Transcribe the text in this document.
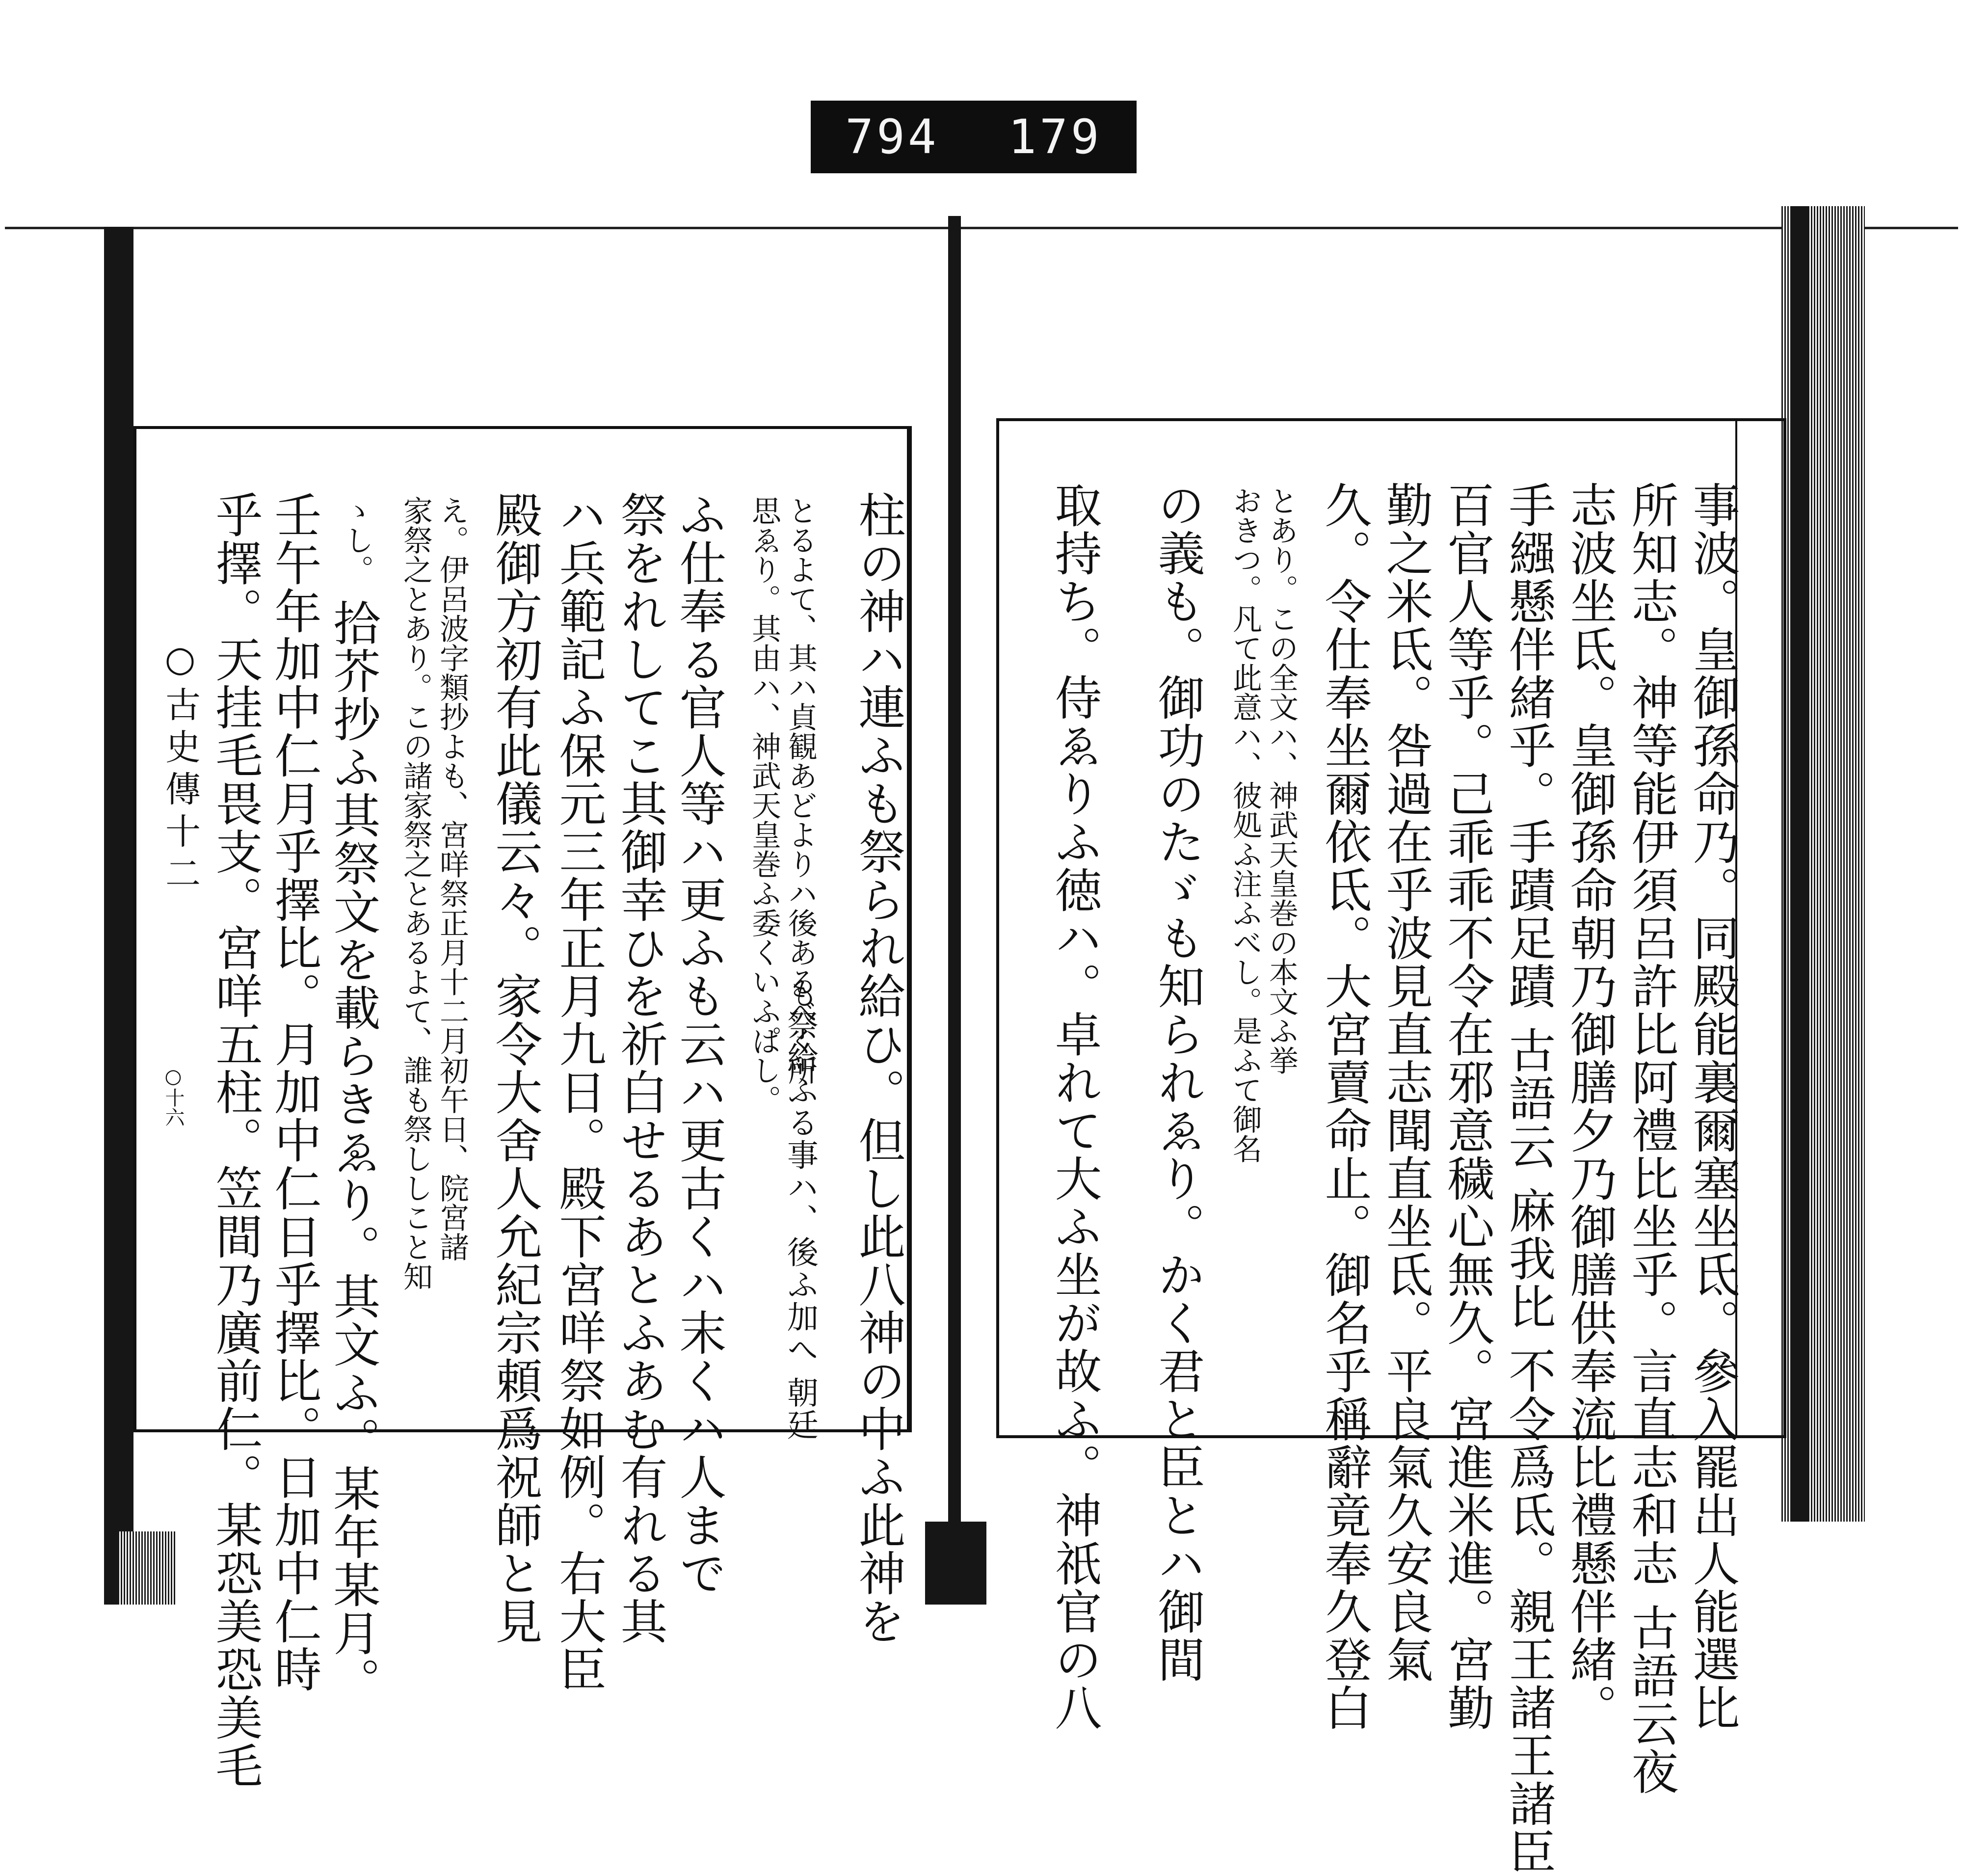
794 179
○古史傳十二
○十六	柱の神ハ連ふも祭られ給ひ。但し此八神の中ふ此神を
とるよて、其ハ貞観あどよりハ後あるべく所
思ゑり。其由ハ、神武天皇巻ふ委くいふぱし。
も祭給ふる事ハ、後ふ加へ 朝廷
ふ仕奉る官人等ハ更ふも云ハ更古くハ末くハ人まで
祭をれしてこ其御幸ひを祈白せるあとふあむ有れる其
ハ兵範記ふ保元三年正月九日。殿下宮咩祭如例。右大臣
殿御方初有此儀云々。家令大舍人允紀宗頼爲祝師と見
え。伊呂波字類抄よも、宮咩祭正月十二月初午日、院宮諸
家祭之とあり。この諸家祭之とあるよて、誰も祭ししこと知
ゝし。
拾芥抄ふ其祭文を載らきゑり。其文ふ。某年某月。
壬午年加中仁月乎擇比。月加中仁日乎擇比。日加中仁時
乎擇。天挂毛畏支。宮咩五柱。笠間乃廣前仁。某恐美恐美毛	事波。皇御孫命乃。同殿能裏爾塞坐氐。參入罷出人能選比
所知志。神等能伊須呂許比阿禮比坐乎。言直志和志 古語云夜
志波坐氐。皇御孫命朝乃御膳夕乃御膳供奉流比禮懸伴緒。
手繦懸伴緒乎。手蹟足蹟 古語云 麻我比 不令爲氐。親王諸王諸臣
百官人等乎。己乖乖不令在邪意穢心無久。宮進米進。宮勤
勤之米氐。咎過在乎波見直志聞直坐氐。平良氣久安良氣
久。令仕奉坐爾依氐。大宮賣命止。御名乎稱辭竟奉久登白
とあり。この全文ハ、神武天皇巻の本文ふ挙
おきつ。凡て此意ハ、彼処ふ注ふべし。是ふて御名
の義も。御功のたゞも知られゑり。かく君と臣とハ御間
取持ち。侍ゑりふ徳ハ。卓れて大ふ坐が故ふ。神祇官の八
